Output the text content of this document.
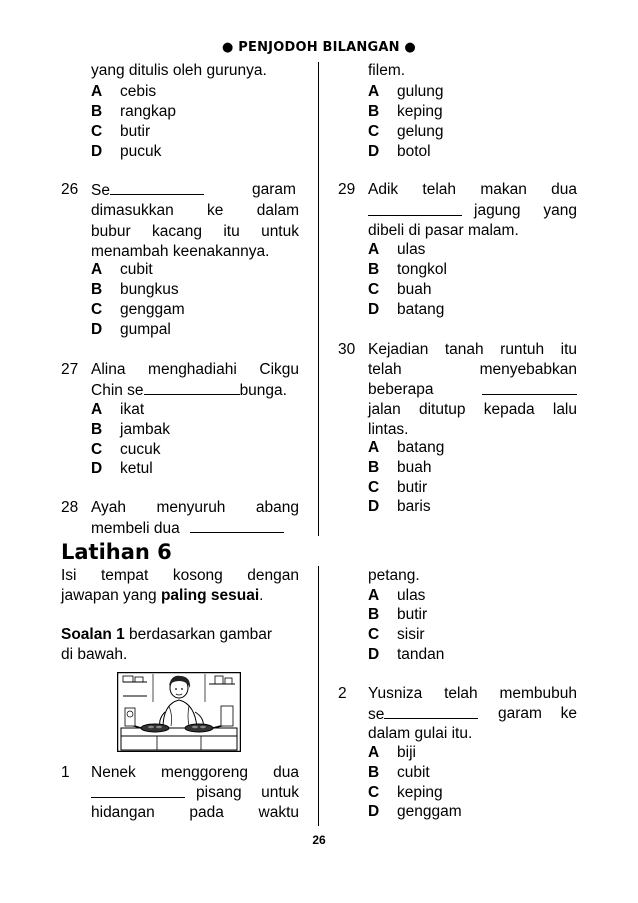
● PENJODOH BILANGAN ●
yang ditulis oleh gurunya.
A cebis
B rangkap
C butir
D pucuk
26 Se	garam
dimasukkan ke dalam
bubur kacang itu untuk
menambah keenakannya.
A cubit
B bungkus
C genggam
D gumpal
27 Alina menghadiahi Cikgu
Chin se	bunga.
A ikat
B jambak
C cucuk
D ketul
28 Ayah menyuruh abang
membeli dua
filem.
A gulung
B keping
C gelung
D botol
29 Adik telah makan dua
jagung yang
dibeli di pasar malam.
A ulas
B tongkol
C buah
D batang
30 Kejadian tanah runtuh itu
telah menyebabkan
beberapa
jalan ditutup kepada lalu
lintas.
A batang
B buah
C butir
D baris
Latihan 6
Isi tempat kosong dengan
jawapan yang paling sesuai.
Soalan 1 berdasarkan gambar
di bawah.
1 Nenek menggoreng dua
pisang untuk
hidangan pada waktu
petang.
A ulas
B butir
C sisir
D tandan
2 Yusniza telah membubuh
se	garam ke
dalam gulai itu.
A biji
B cubit
C keping
D genggam
26
